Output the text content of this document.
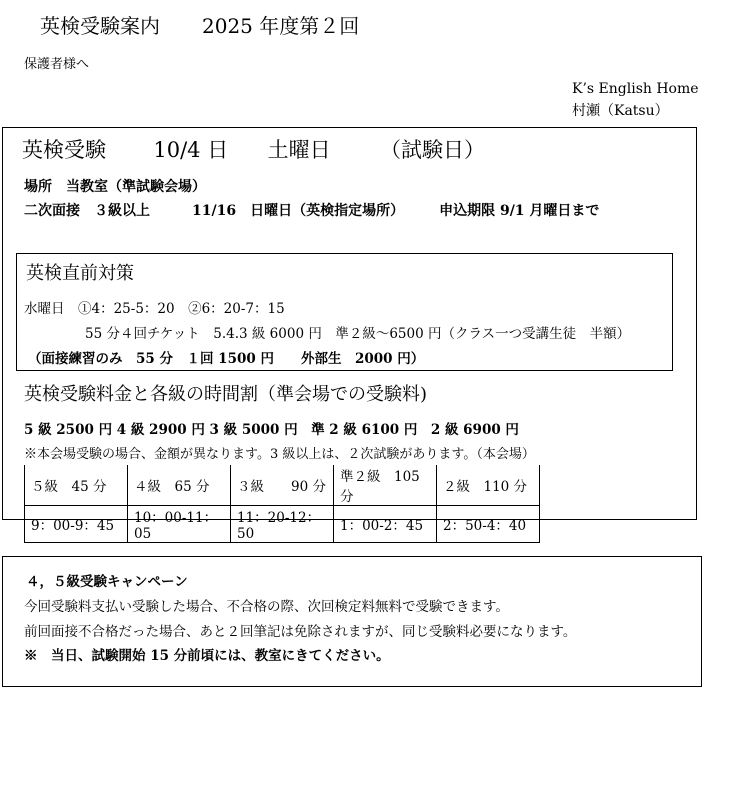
英検受験案内 2025 年度第２回
保護者様へ
K’s English Home
村瀬（Katsu）
英検受験 10/4 日 土曜日 （試験日）
場所　当教室（準試験会場）
二次面接　３級以上　　　11/16　日曜日（英検指定場所）　　　申込期限 9/1 月曜日まで
英検直前対策
水曜日　①4：25-5：20　②6：20-7：15
55 分４回チケット　5.4.3 級 6000 円　準２級～6500 円（クラス一つ受講生徒　半額）
（面接練習のみ　55 分　１回 1500 円　　外部生　2000 円）
英検受験料金と各級の時間割（準会場での受験料)
5 級 2500 円 4 級 2900 円 3 級 5000 円　準 2 級 6100 円　2 級 6900 円
※本会場受験の場合、金額が異なります。3 級以上は、２次試験があります。（本会場）
５級　45 分	４級　65 分	３級　　90 分	準２級　105 分	２級　110 分
9：00-9：45	10：00-11：05	11：20-12：50	1：00-2：45	2：50-4：40
４，５級受験キャンペーン
今回受験料支払い受験した場合、不合格の際、次回検定料無料で受験できます。
前回面接不合格だった場合、あと２回筆記は免除されますが、同じ受験料必要になります。
※　当日、試験開始 15 分前頃には、教室にきてください。
